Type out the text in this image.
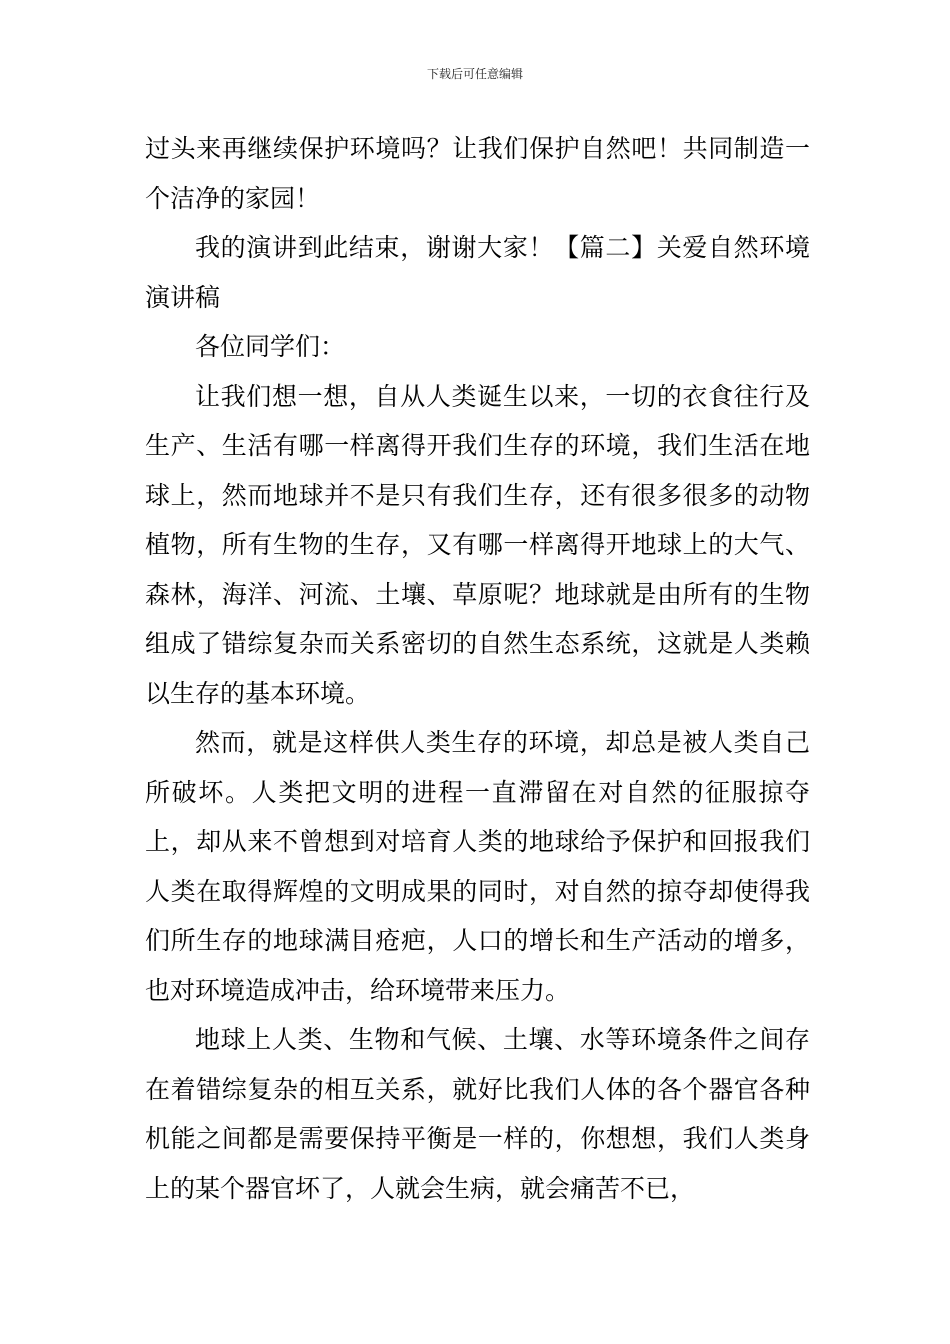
下载后可任意编辑

过头来再继续保护环境吗？让我们保护自然吧！共同制造一个洁净的家园！

我的演讲到此结束，谢谢大家！【篇二】关爱自然环境演讲稿

各位同学们：

让我们想一想，自从人类诞生以来，一切的衣食往行及生产、生活有哪一样离得开我们生存的环境，我们生活在地球上，然而地球并不是只有我们生存，还有很多很多的动物植物，所有生物的生存，又有哪一样离得开地球上的大气、森林，海洋、河流、土壤、草原呢？地球就是由所有的生物组成了错综复杂而关系密切的自然生态系统，这就是人类赖以生存的基本环境。

然而，就是这样供人类生存的环境，却总是被人类自己所破坏。人类把文明的进程一直滞留在对自然的征服掠夺上，却从来不曾想到对培育人类的地球给予保护和回报我们人类在取得辉煌的文明成果的同时，对自然的掠夺却使得我们所生存的地球满目疮疤，人口的增长和生产活动的增多，也对环境造成冲击，给环境带来压力。

地球上人类、生物和气候、土壤、水等环境条件之间存在着错综复杂的相互关系，就好比我们人体的各个器官各种机能之间都是需要保持平衡是一样的，你想想，我们人类身上的某个器官坏了，人就会生病，就会痛苦不已，
